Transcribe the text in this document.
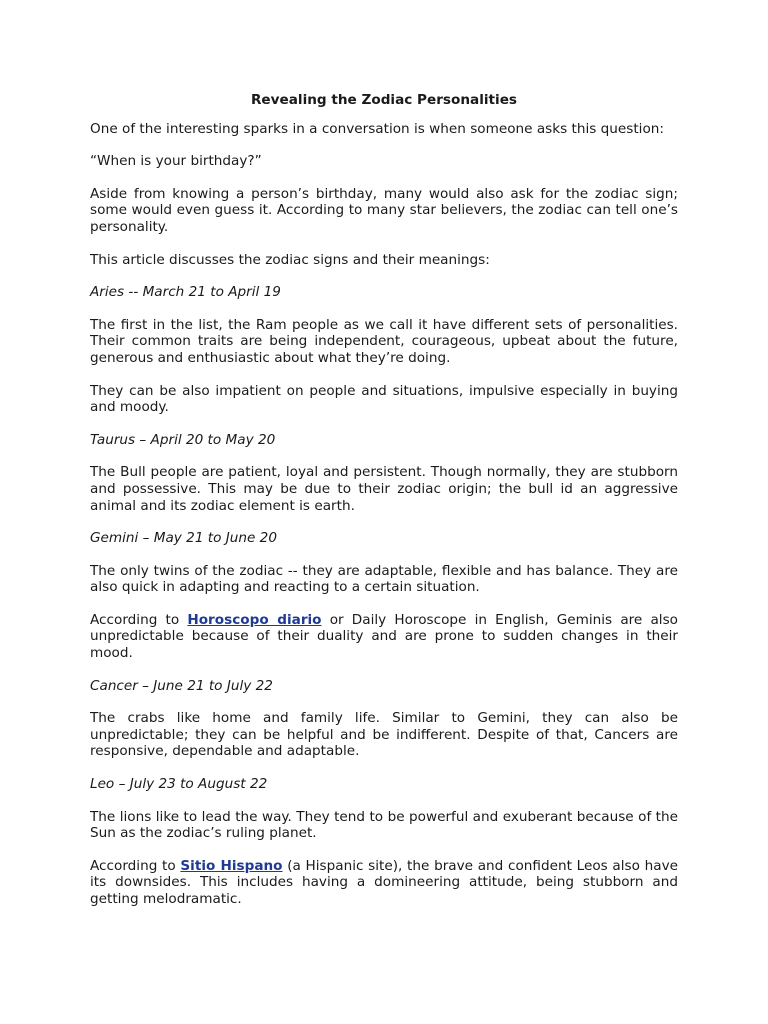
Revealing the Zodiac Personalities

One of the interesting sparks in a conversation is when someone asks this question:

“When is your birthday?”

Aside from knowing a person’s birthday, many would also ask for the zodiac sign; some would even guess it. According to many star believers, the zodiac can tell one’s personality.

This article discusses the zodiac signs and their meanings:

Aries -- March 21 to April 19

The first in the list, the Ram people as we call it have different sets of personalities. Their common traits are being independent, courageous, upbeat about the future, generous and enthusiastic about what they’re doing.

They can be also impatient on people and situations, impulsive especially in buying and moody.

Taurus – April 20 to May 20

The Bull people are patient, loyal and persistent. Though normally, they are stubborn and possessive. This may be due to their zodiac origin; the bull id an aggressive animal and its zodiac element is earth.

Gemini – May 21 to June 20

The only twins of the zodiac -- they are adaptable, flexible and has balance. They are also quick in adapting and reacting to a certain situation.

According to Horoscopo diario or Daily Horoscope in English, Geminis are also unpredictable because of their duality and are prone to sudden changes in their mood.

Cancer – June 21 to July 22

The crabs like home and family life. Similar to Gemini, they can also be unpredictable; they can be helpful and be indifferent. Despite of that, Cancers are responsive, dependable and adaptable.

Leo – July 23 to August 22

The lions like to lead the way. They tend to be powerful and exuberant because of the Sun as the zodiac’s ruling planet.

According to Sitio Hispano (a Hispanic site), the brave and confident Leos also have its downsides. This includes having a domineering attitude, being stubborn and getting melodramatic.
